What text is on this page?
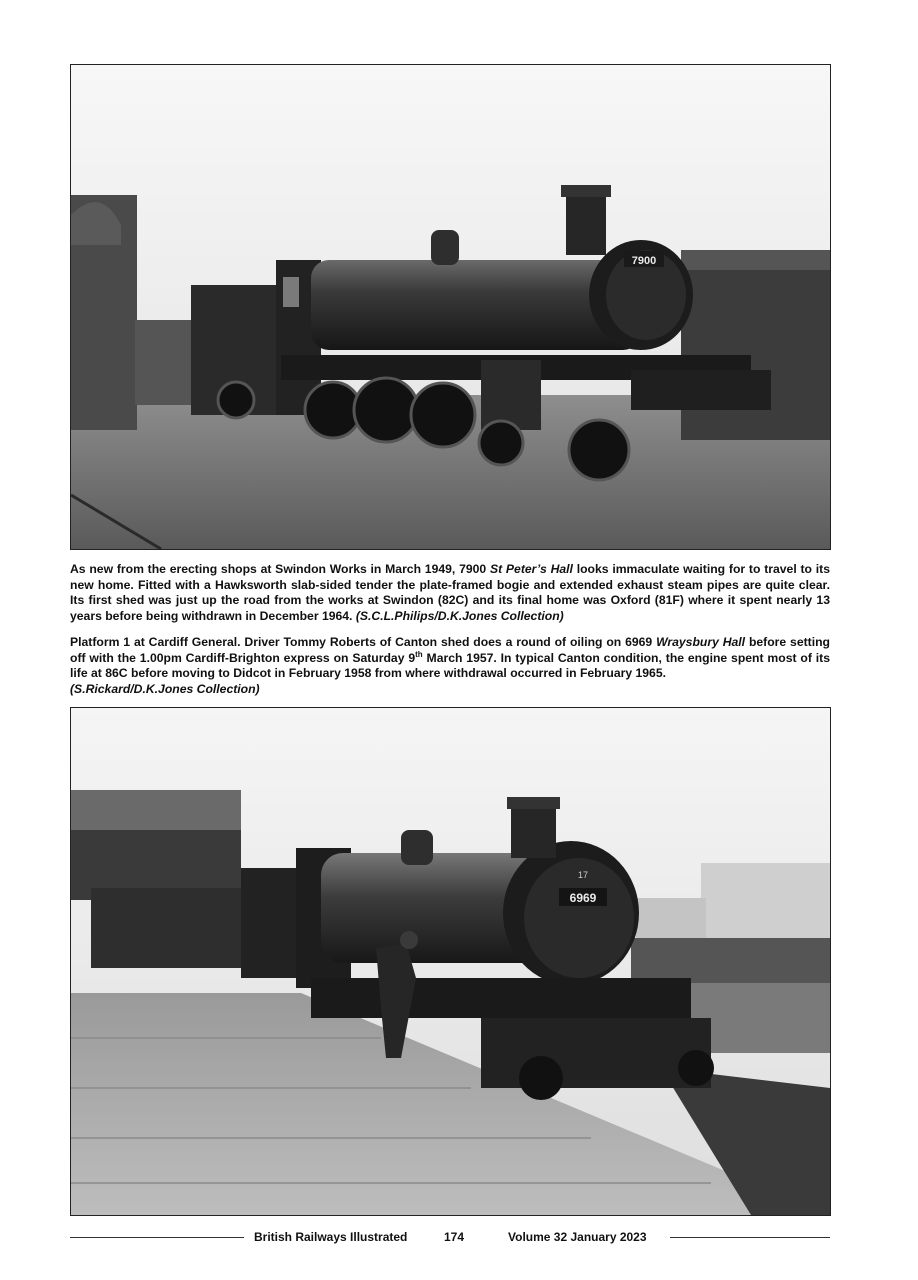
7900

As new from the erecting shops at Swindon Works in March 1949, 7900 St Peter’s Hall looks immaculate waiting for to travel to its new home. Fitted with a Hawksworth slab-sided tender the plate-framed bogie and extended exhaust steam pipes are quite clear. Its first shed was just up the road from the works at Swindon (82C) and its final home was Oxford (81F) where it spent nearly 13 years before being withdrawn in December 1964. (S.C.L.Philips/D.K.Jones Collection)

Platform 1 at Cardiff General. Driver Tommy Roberts of Canton shed does a round of oiling on 6969 Wraysbury Hall before setting off with the 1.00pm Cardiff-Brighton express on Saturday 9th March 1957. In typical Canton condition, the engine spent most of its life at 86C before moving to Didcot in February 1958 from where withdrawal occurred in February 1965.
(S.Rickard/D.K.Jones Collection)

6969
17
British Railways Illustrated	174	Volume 32 January 2023
